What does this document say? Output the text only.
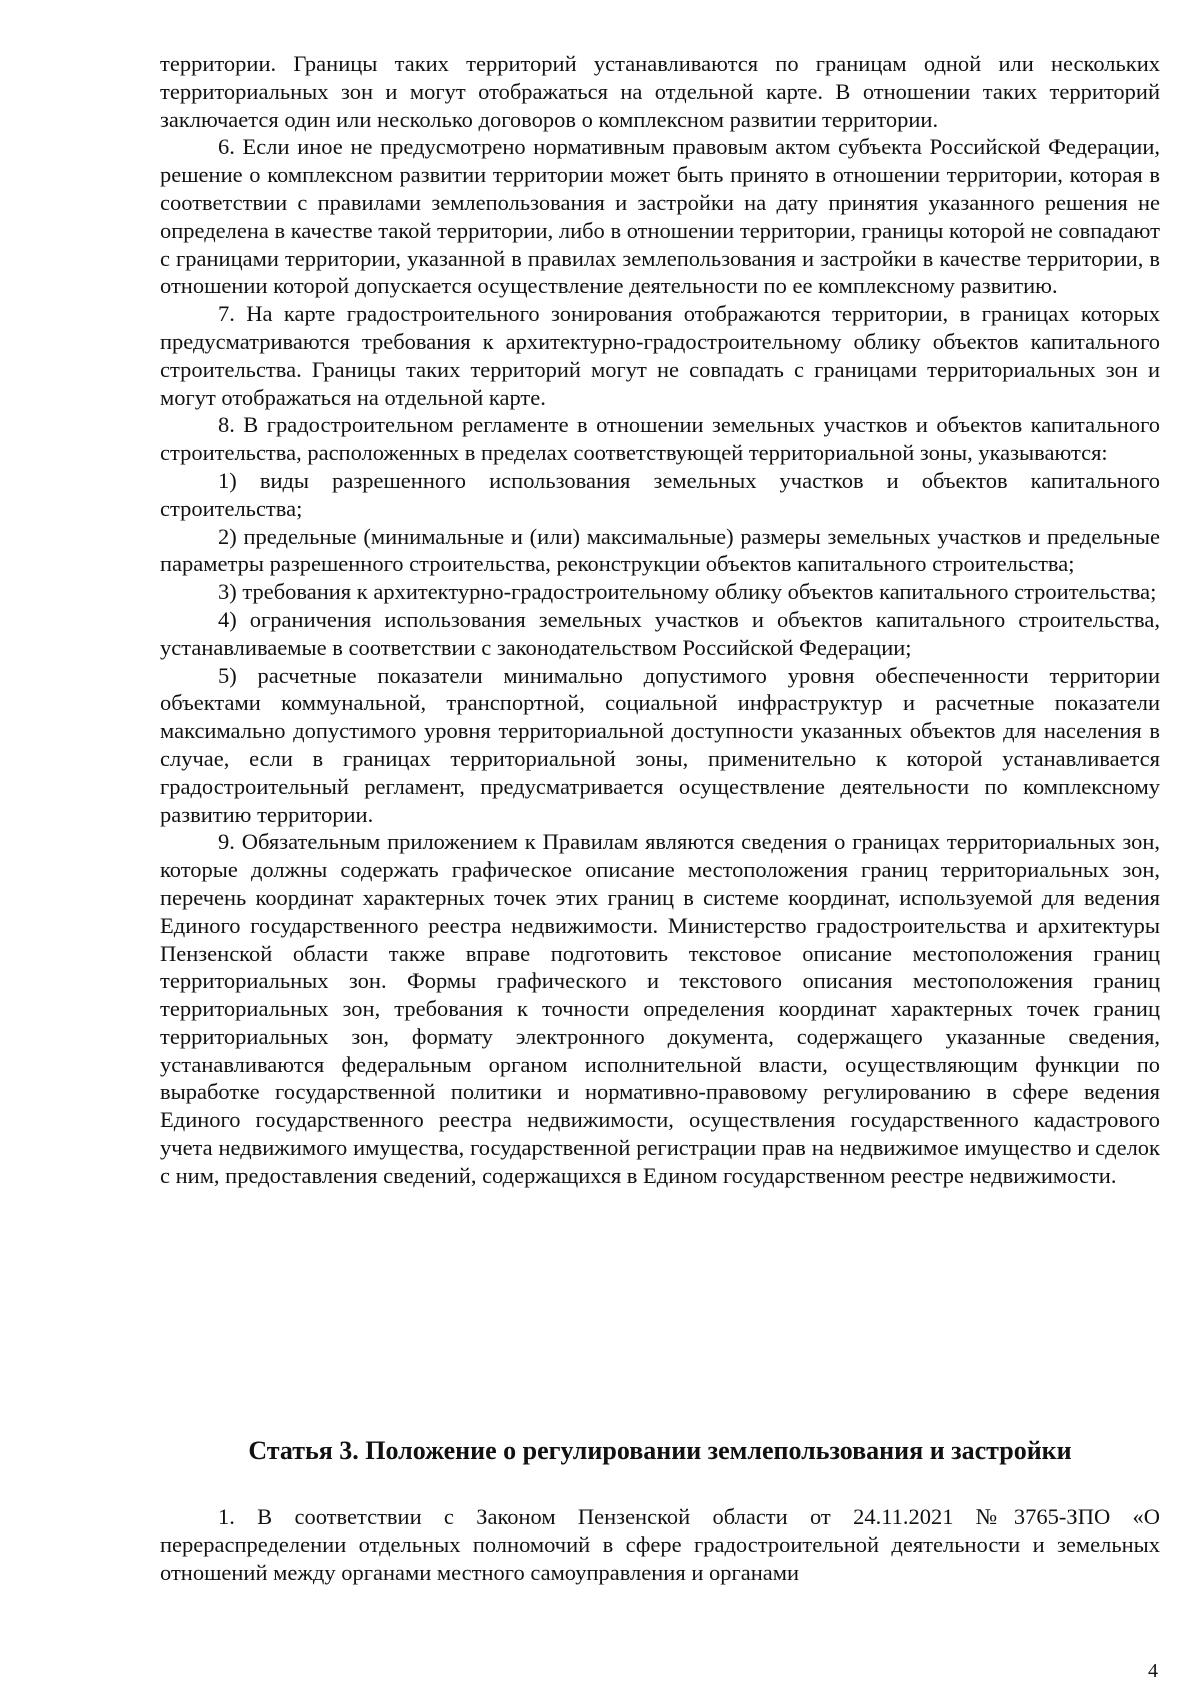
территории. Границы таких территорий устанавливаются по границам одной или нескольких территориальных зон и могут отображаться на отдельной карте. В отношении таких территорий заключается один или несколько договоров о комплексном развитии территории.

6. Если иное не предусмотрено нормативным правовым актом субъекта Российской Федерации, решение о комплексном развитии территории может быть принято в отношении территории, которая в соответствии с правилами землепользования и застройки на дату принятия указанного решения не определена в качестве такой территории, либо в отношении территории, границы которой не совпадают с границами территории, указанной в правилах землепользования и застройки в качестве территории, в отношении которой допускается осуществление деятельности по ее комплексному развитию.

7. На карте градостроительного зонирования отображаются территории, в границах которых предусматриваются требования к архитектурно-градостроительному облику объектов капитального строительства. Границы таких территорий могут не совпадать с границами территориальных зон и могут отображаться на отдельной карте.

8. В градостроительном регламенте в отношении земельных участков и объектов капитального строительства, расположенных в пределах соответствующей территориальной зоны, указываются:

1) виды разрешенного использования земельных участков и объектов капитального строительства;

2) предельные (минимальные и (или) максимальные) размеры земельных участков и предельные параметры разрешенного строительства, реконструкции объектов капитального строительства;

3) требования к архитектурно-градостроительному облику объектов капитального строительства;

4) ограничения использования земельных участков и объектов капитального строительства, устанавливаемые в соответствии с законодательством Российской Федерации;

5) расчетные показатели минимально допустимого уровня обеспеченности территории объектами коммунальной, транспортной, социальной инфраструктур и расчетные показатели максимально допустимого уровня территориальной доступности указанных объектов для населения в случае, если в границах территориальной зоны, применительно к которой устанавливается градостроительный регламент, предусматривается осуществление деятельности по комплексному развитию территории.

9. Обязательным приложением к Правилам являются сведения о границах территориальных зон, которые должны содержать графическое описание местоположения границ территориальных зон, перечень координат характерных точек этих границ в системе координат, используемой для ведения Единого государственного реестра недвижимости. Министерство градостроительства и архитектуры Пензенской области также вправе подготовить текстовое описание местоположения границ территориальных зон. Формы графического и текстового описания местоположения границ территориальных зон, требования к точности определения координат характерных точек границ территориальных зон, формату электронного документа, содержащего указанные сведения, устанавливаются федеральным органом исполнительной власти, осуществляющим функции по выработке государственной политики и нормативно-правовому регулированию в сфере ведения Единого государственного реестра недвижимости, осуществления государственного кадастрового учета недвижимого имущества, государственной регистрации прав на недвижимое имущество и сделок с ним, предоставления сведений, содержащихся в Едином государственном реестре недвижимости.

Статья 3. Положение о регулировании землепользования и застройки

1. В соответствии с Законом Пензенской области от 24.11.2021 №3765-ЗПО «О перераспределении отдельных полномочий в сфере градостроительной деятельности и земельных отношений между органами местного самоуправления и органами

4
